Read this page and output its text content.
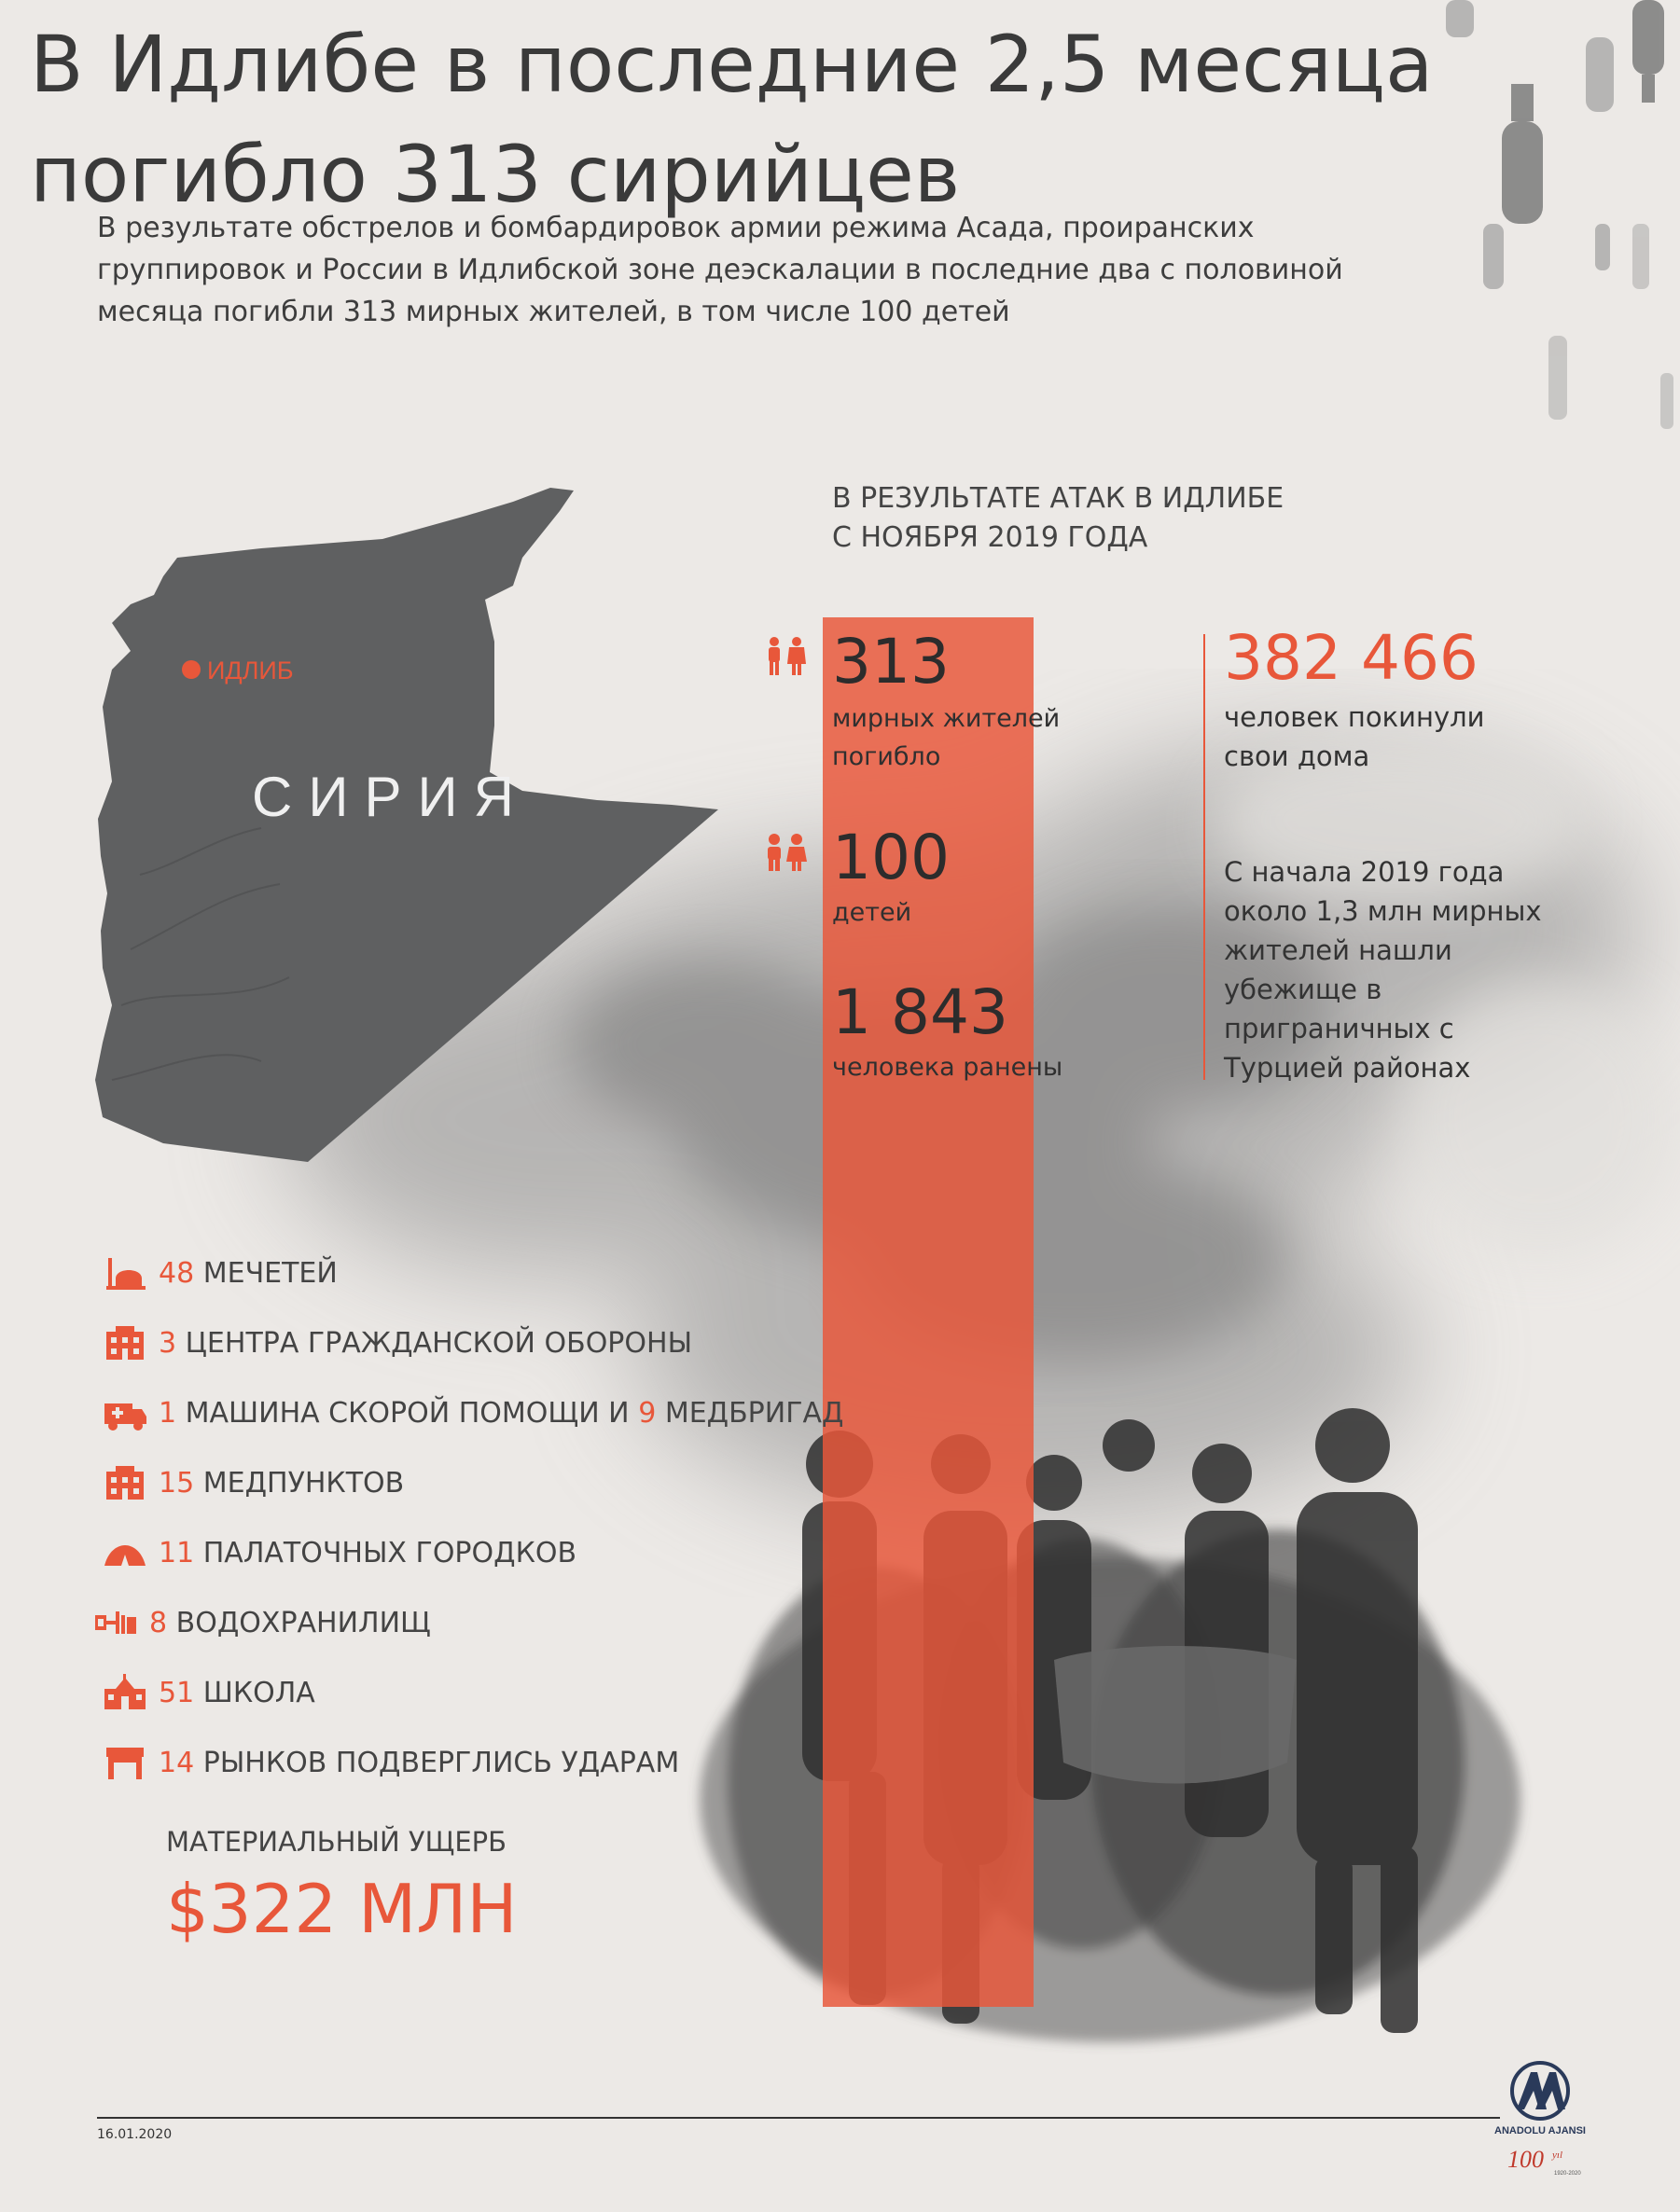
В Идлибе в последние 2,5 месяца погибло 313 сирийцев
В результате обстрелов и бомбардировок армии режима Асада, проиранских группировок и России в Идлибской зоне деэскалации в последние два с половиной месяца погибли 313 мирных жителей, в том числе 100 детей
ИДЛИБ
СИРИЯ
В РЕЗУЛЬТАТЕ АТАК В ИДЛИБЕ
С НОЯБРЯ 2019 ГОДА
313
мирных жителей
погибло
100
детей
1 843
человека ранены
382 466
человек покинули
свои дома
С начала 2019 года
около 1,3 млн мирных
жителей нашли
убежище в
приграничных с
Турцией районах
48
МЕЧЕТЕЙ
3
ЦЕНТРА ГРАЖДАНСКОЙ ОБОРОНЫ
1
МАШИНА СКОРОЙ ПОМОЩИ И
9
МЕДБРИГАД
15
МЕДПУНКТОВ
11
ПАЛАТОЧНЫХ ГОРОДКОВ
8
ВОДОХРАНИЛИЩ
51
ШКОЛА
14
РЫНКОВ ПОДВЕРГЛИСЬ УДАРАМ
МАТЕРИАЛЬНЫЙ УЩЕРБ
$322 МЛН
16.01.2020	ANADOLU AJANSI
100 yıl
1920-2020
